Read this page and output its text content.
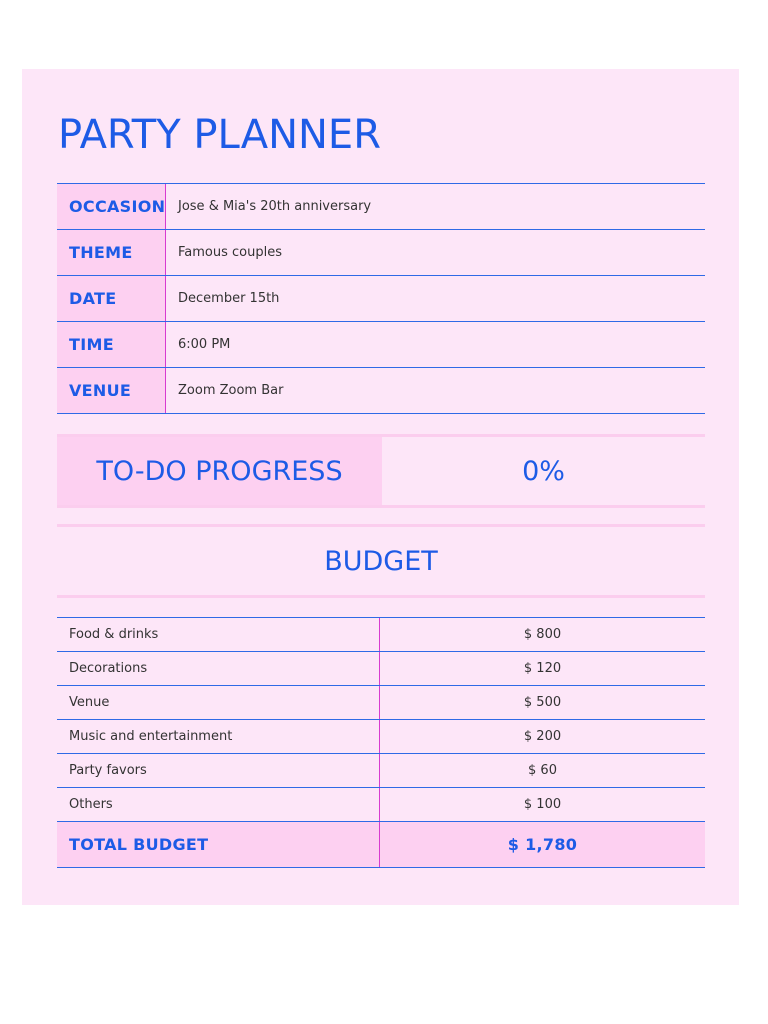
PARTY PLANNER
OCCASION Jose & Mia's 20th anniversary
THEME	Famous couples
DATE	December 15th
TIME	6:00 PM
VENUE	Zoom Zoom Bar
TO-DO PROGRESS	0%
BUDGET
Food & drinks	$ 800
Decorations	$ 120
Venue	$ 500
Music and entertainment	$ 200
Party favors	$ 60
Others	$ 100
TOTAL BUDGET	$ 1,780
